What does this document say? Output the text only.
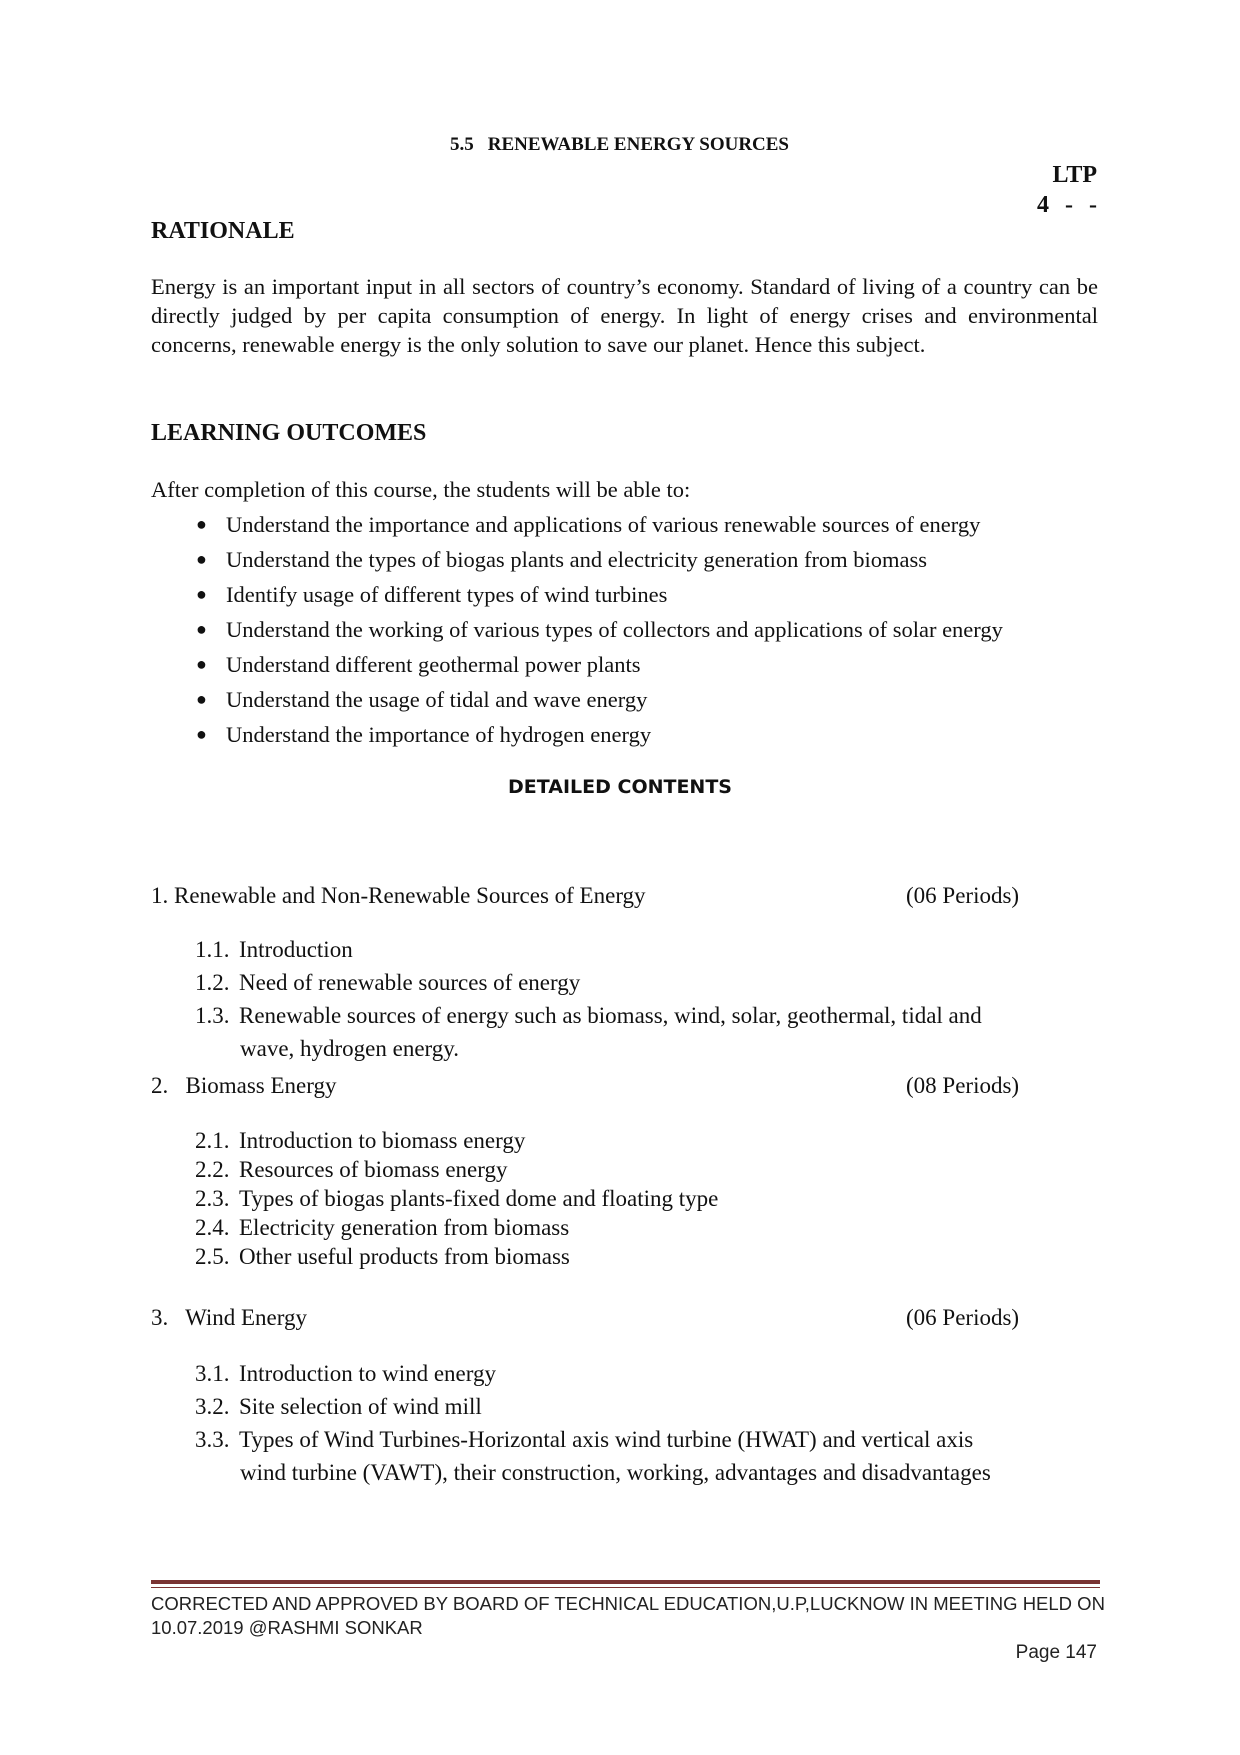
5.5 RENEWABLE ENERGY SOURCES
LTP
4 - -
RATIONALE
Energy is an important input in all sectors of country’s economy. Standard of living of a country can be directly judged by per capita consumption of energy. In light of energy crises and environmental concerns, renewable energy is the only solution to save our planet. Hence this subject.
LEARNING OUTCOMES
After completion of this course, the students will be able to:
● Understand the importance and applications of various renewable sources of energy
● Understand the types of biogas plants and electricity generation from biomass
● Identify usage of different types of wind turbines
● Understand the working of various types of collectors and applications of solar energy
● Understand different geothermal power plants
● Understand the usage of tidal and wave energy
● Understand the importance of hydrogen energy
DETAILED CONTENTS
1. Renewable and Non-Renewable Sources of Energy	(06 Periods)
1.1. Introduction
1.2. Need of renewable sources of energy
1.3. Renewable sources of energy such as biomass, wind, solar, geothermal, tidal and
wave, hydrogen energy.
2.   Biomass Energy	(08 Periods)
2.1. Introduction to biomass energy
2.2. Resources of biomass energy
2.3. Types of biogas plants-fixed dome and floating type
2.4. Electricity generation from biomass
2.5. Other useful products from biomass
3.   Wind Energy	(06 Periods)
3.1. Introduction to wind energy
3.2. Site selection of wind mill
3.3. Types of Wind Turbines-Horizontal axis wind turbine (HWAT) and vertical axis
wind turbine (VAWT), their construction, working, advantages and disadvantages
CORRECTED AND APPROVED BY BOARD OF TECHNICAL EDUCATION,U.P,LUCKNOW IN MEETING HELD ON 10.07.2019 @RASHMI SONKAR
Page 147
